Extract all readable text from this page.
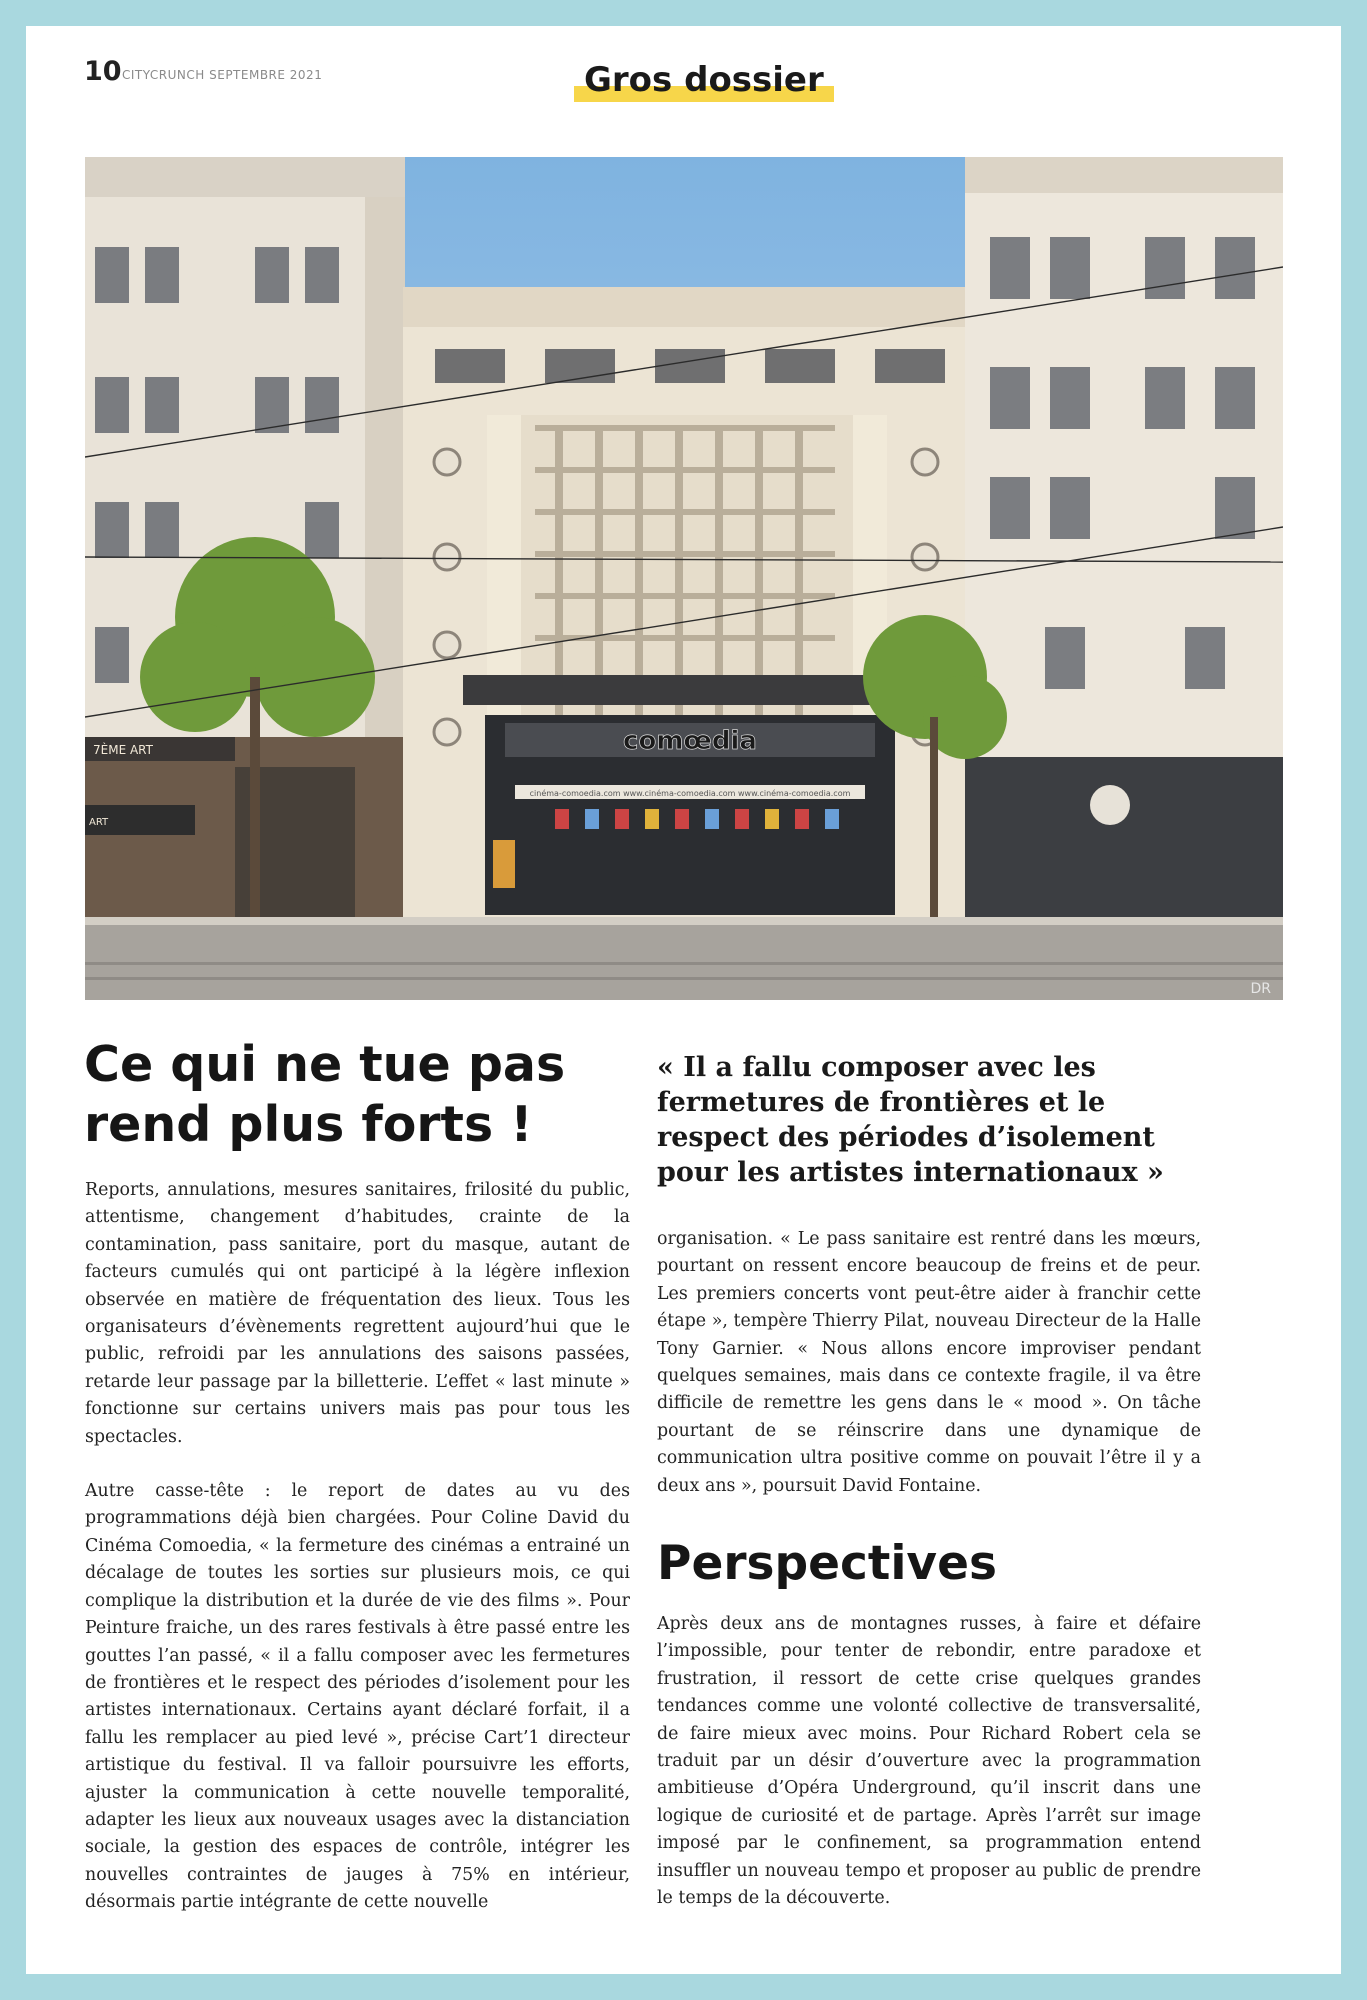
10 CITYCRUNCH SEPTEMBRE 2021	Gros dossier
7ÈME ART
ART
comœdia
cinéma-comoedia.com www.cinéma-comoedia.com www.cinéma-comoedia.com
DR
Ce qui ne tue pas rend plus forts !

Reports, annulations, mesures sanitaires, frilosité du public, attentisme, changement d’habitudes, crainte de la contamination, pass sanitaire, port du masque, autant de facteurs cumulés qui ont participé à la légère inflexion observée en matière de fréquentation des lieux. Tous les organisateurs d’évènements regrettent aujourd’hui que le public, refroidi par les annulations des saisons passées, retarde leur passage par la billetterie. L’effet « last minute » fonctionne sur certains univers mais pas pour tous les spectacles.

Autre casse-tête : le report de dates au vu des programmations déjà bien chargées. Pour Coline David du Cinéma Comoedia, « la fermeture des cinémas a entrainé un décalage de toutes les sorties sur plusieurs mois, ce qui complique la distribution et la durée de vie des films ». Pour Peinture fraiche, un des rares festivals à être passé entre les gouttes l’an passé, « il a fallu composer avec les fermetures de frontières et le respect des périodes d’isolement pour les artistes internationaux. Certains ayant déclaré forfait, il a fallu les remplacer au pied levé », précise Cart’1 directeur artistique du festival. Il va falloir poursuivre les efforts, ajuster la communication à cette nouvelle temporalité, adapter les lieux aux nouveaux usages avec la distanciation sociale, la gestion des espaces de contrôle, intégrer les nouvelles contraintes de jauges à 75% en intérieur, désormais partie intégrante de cette nouvelle

« Il a fallu composer avec les fermetures de frontières et le respect des périodes d’isolement pour les artistes internationaux »

organisation. « Le pass sanitaire est rentré dans les mœurs, pourtant on ressent encore beaucoup de freins et de peur. Les premiers concerts vont peut-être aider à franchir cette étape », tempère Thierry Pilat, nouveau Directeur de la Halle Tony Garnier. « Nous allons encore improviser pendant quelques semaines, mais dans ce contexte fragile, il va être difficile de remettre les gens dans le « mood ». On tâche pourtant de se réinscrire dans une dynamique de communication ultra positive comme on pouvait l’être il y a deux ans », poursuit David Fontaine.

Perspectives

Après deux ans de montagnes russes, à faire et défaire l’impossible, pour tenter de rebondir, entre paradoxe et frustration, il ressort de cette crise quelques grandes tendances comme une volonté collective de transversalité, de faire mieux avec moins. Pour Richard Robert cela se traduit par un désir d’ouverture avec la programmation ambitieuse d’Opéra Underground, qu’il inscrit dans une logique de curiosité et de partage. Après l’arrêt sur image imposé par le confinement, sa programmation entend insuffler un nouveau tempo et proposer au public de prendre le temps de la découverte.
